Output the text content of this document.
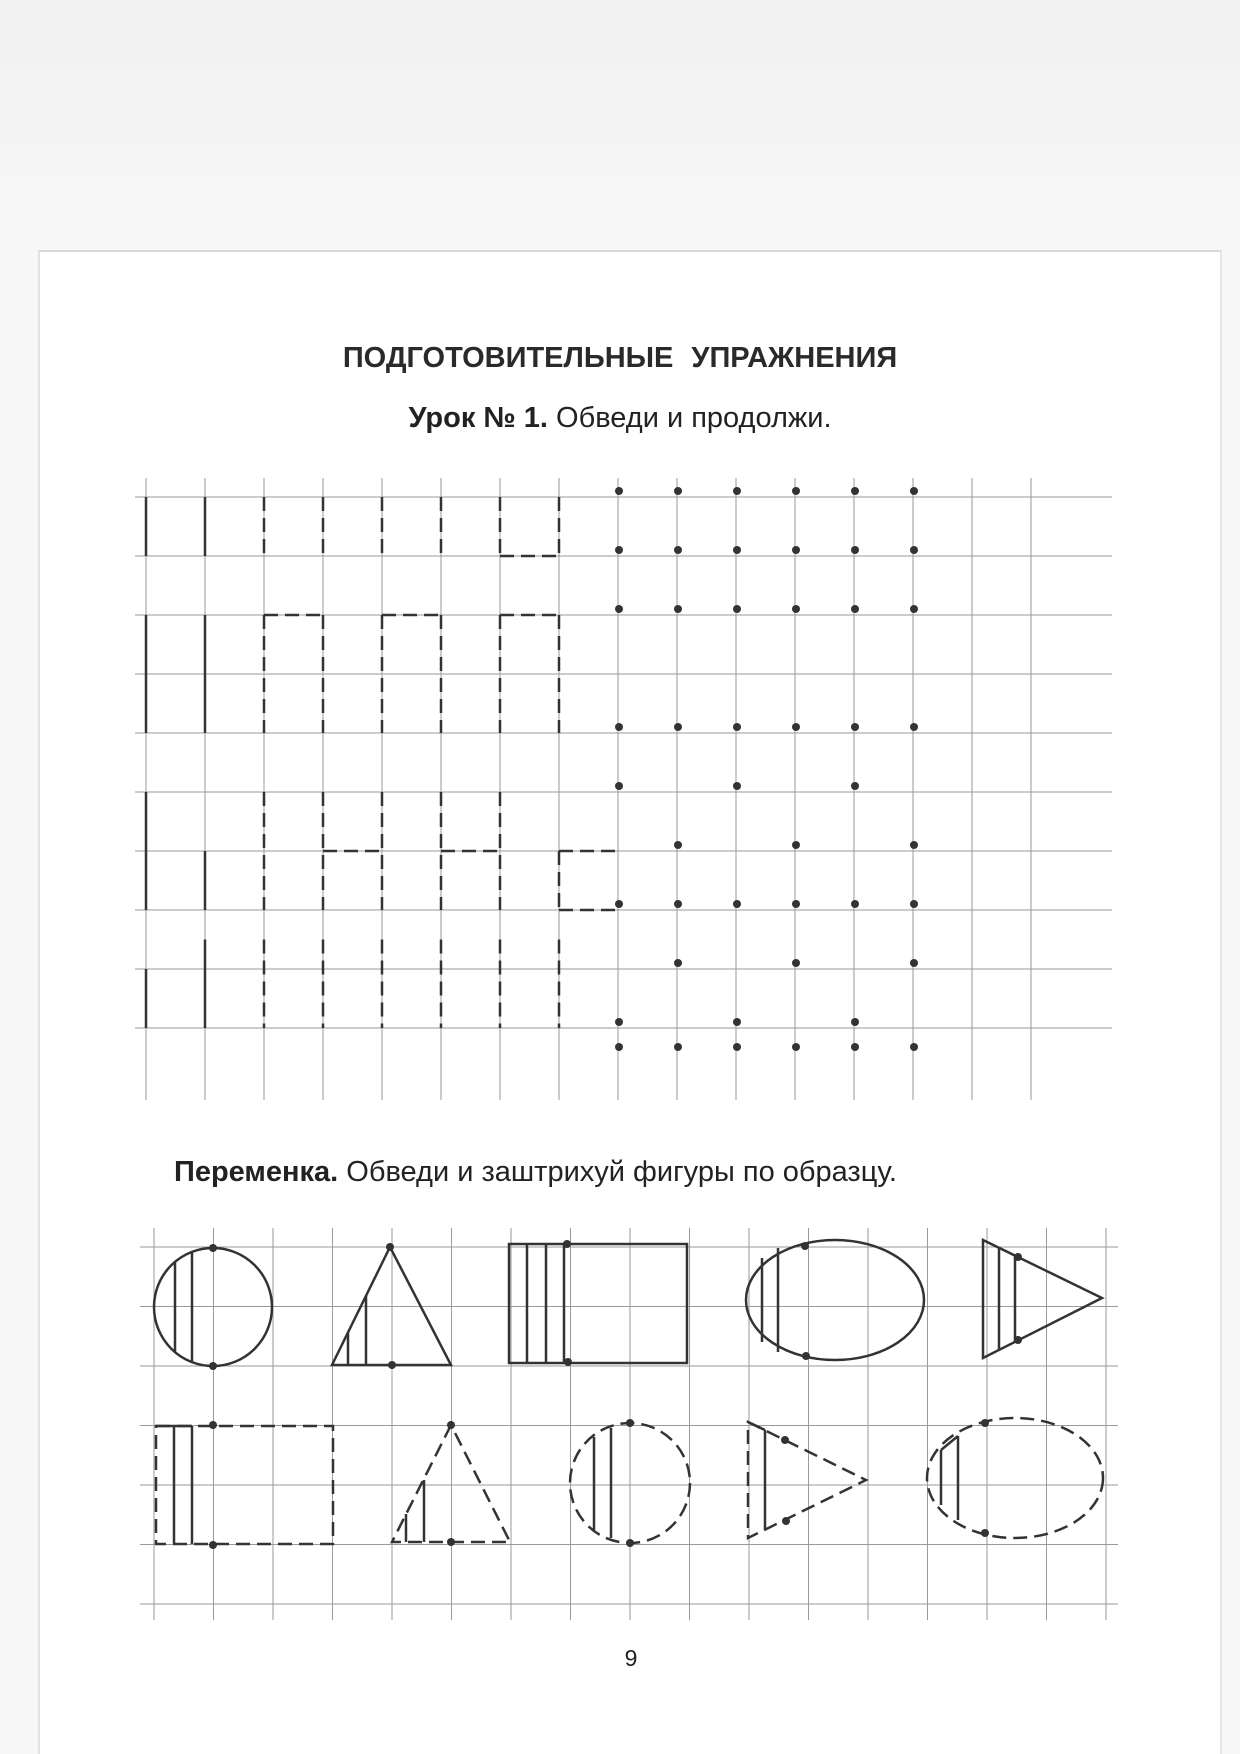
ПОДГОТОВИТЕЛЬНЫЕ УПРАЖНЕНИЯ

Урок № 1. Обведи и продолжи.

Переменка. Обведи и заштрихуй фигуры по образцу.

9
